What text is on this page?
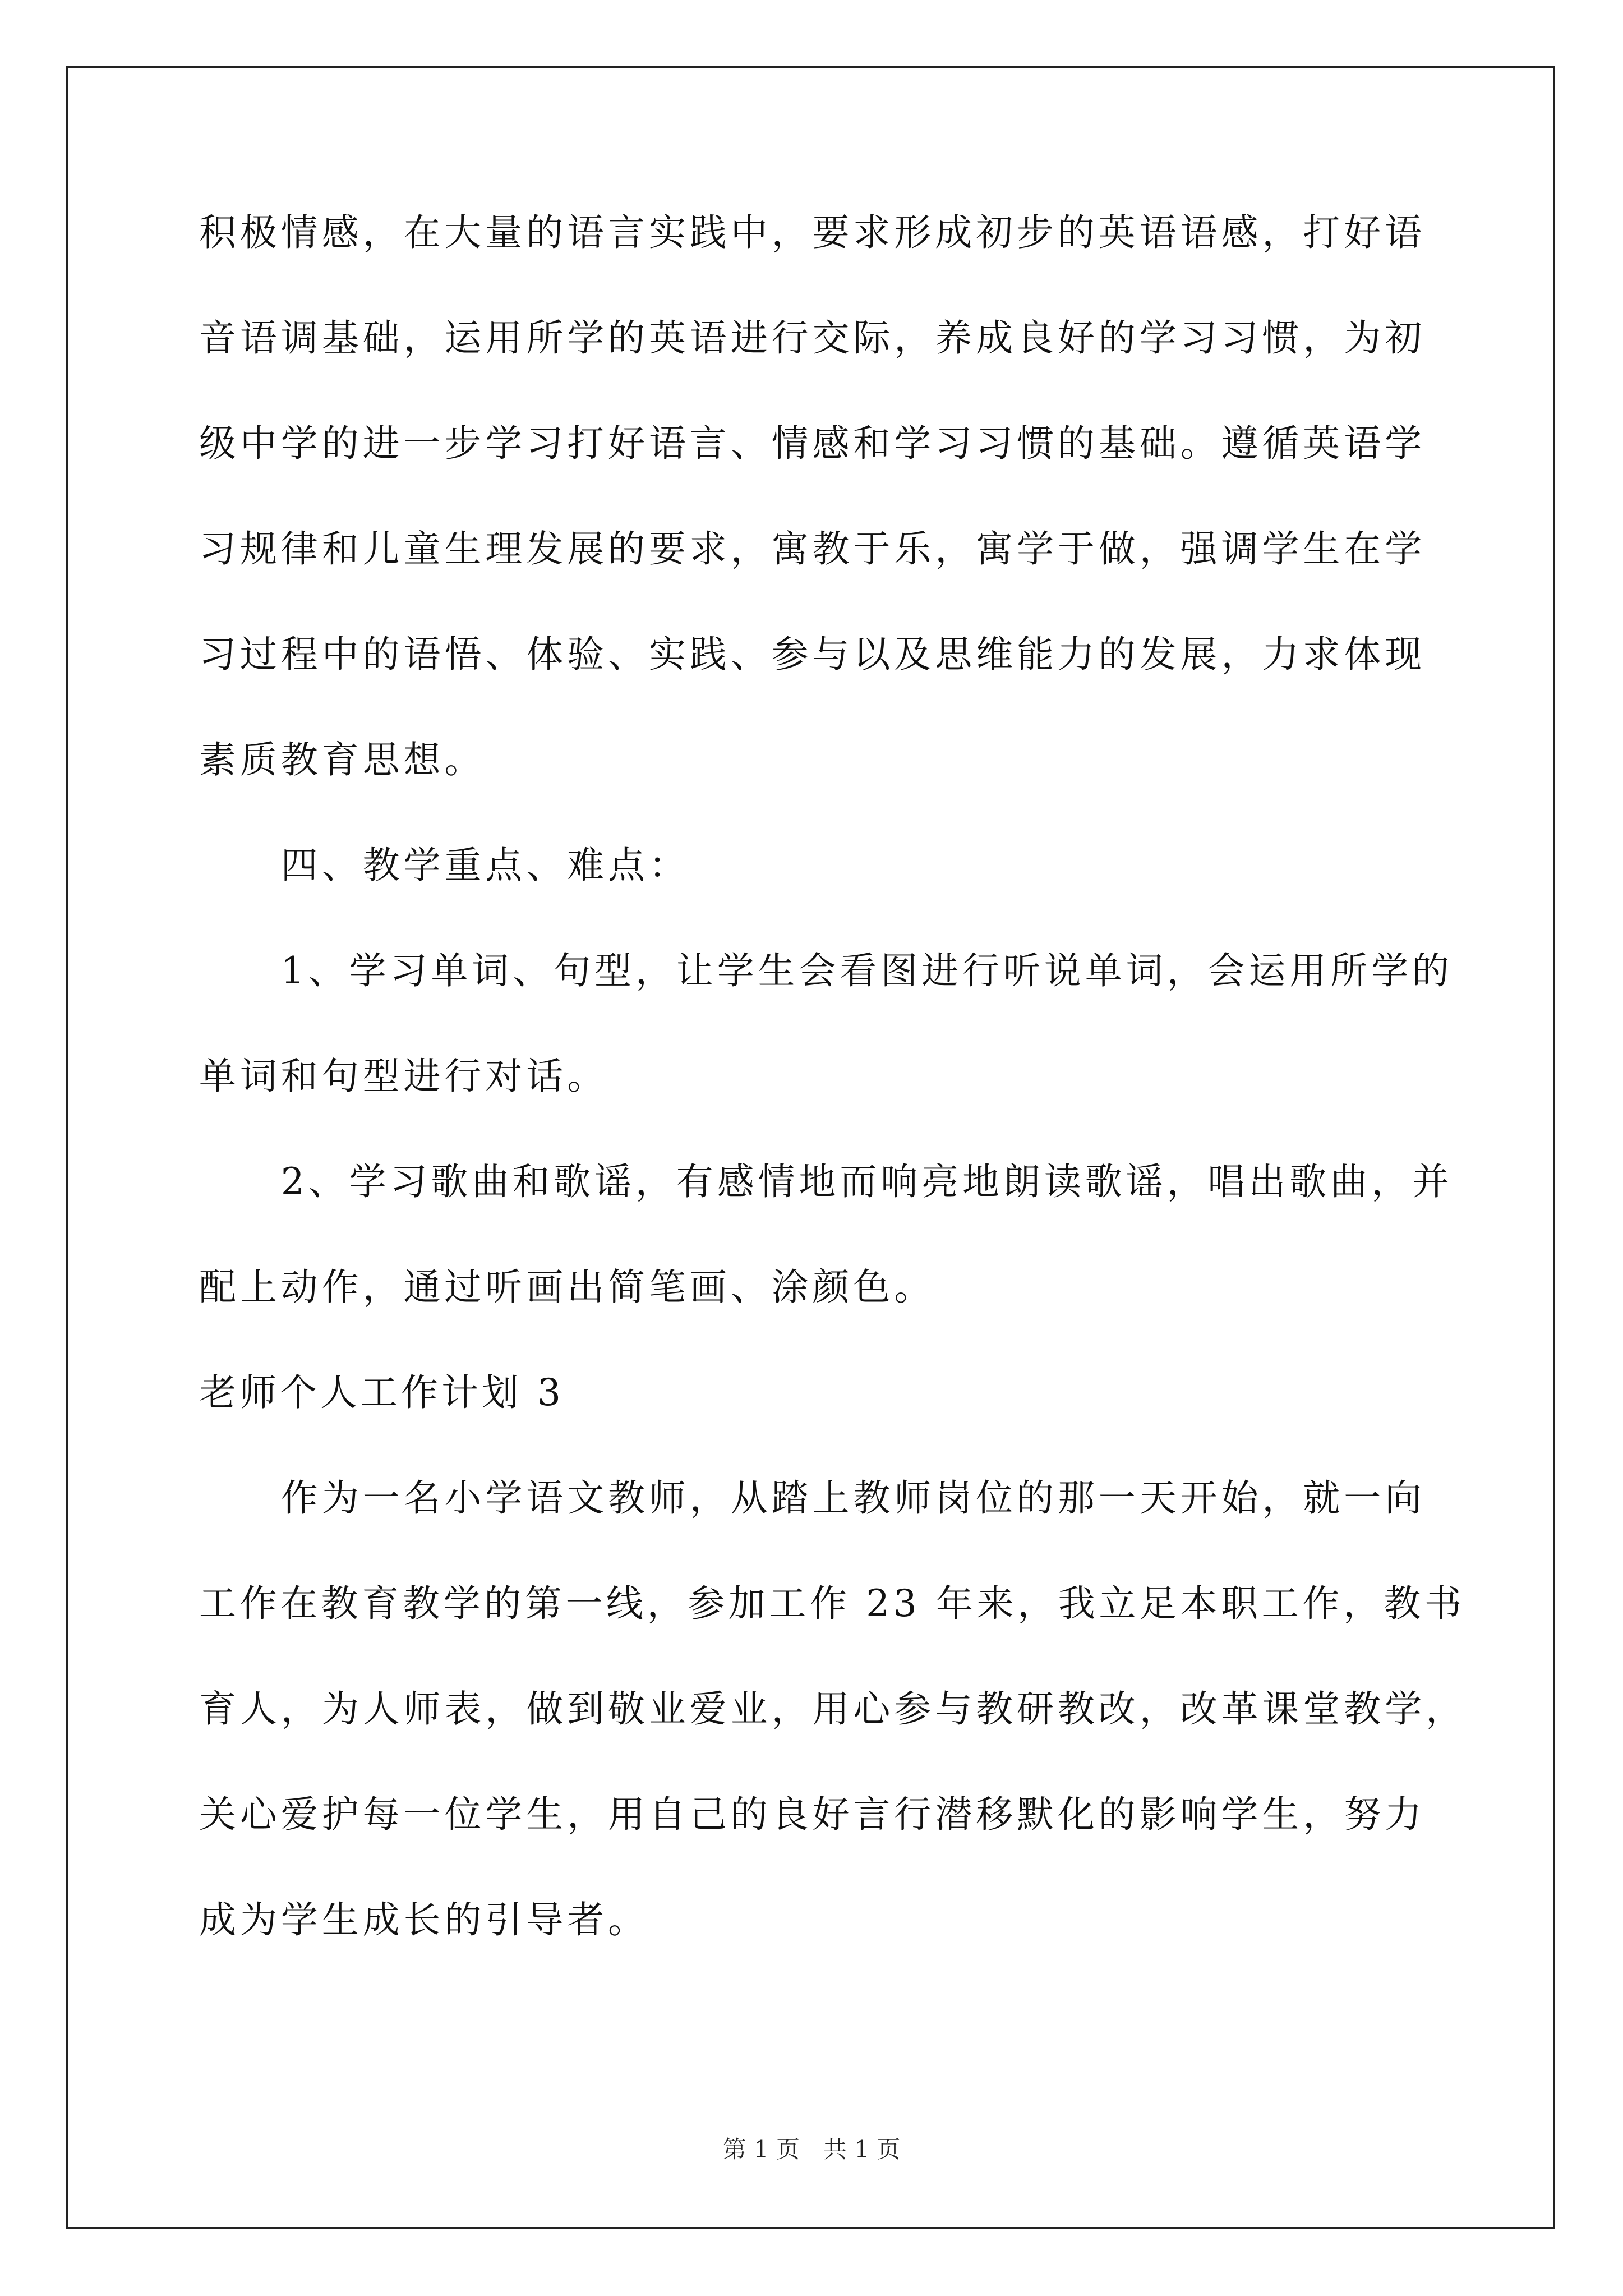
积极情感，在大量的语言实践中，要求形成初步的英语语感，打好语
音语调基础，运用所学的英语进行交际，养成良好的学习习惯，为初
级中学的进一步学习打好语言、情感和学习习惯的基础。遵循英语学
习规律和儿童生理发展的要求，寓教于乐，寓学于做，强调学生在学
习过程中的语悟、体验、实践、参与以及思维能力的发展，力求体现
素质教育思想。
　　四、教学重点、难点：
　　1、学习单词、句型，让学生会看图进行听说单词，会运用所学的
单词和句型进行对话。
　　2、学习歌曲和歌谣，有感情地而响亮地朗读歌谣，唱出歌曲，并
配上动作，通过听画出简笔画、涂颜色。
老师个人工作计划 3
　　作为一名小学语文教师，从踏上教师岗位的那一天开始，就一向
工作在教育教学的第一线，参加工作 23 年来，我立足本职工作，教书
育人，为人师表，做到敬业爱业，用心参与教研教改，改革课堂教学，
关心爱护每一位学生，用自己的良好言行潜移默化的影响学生，努力
成为学生成长的引导者。
第 1 页　共 1 页
